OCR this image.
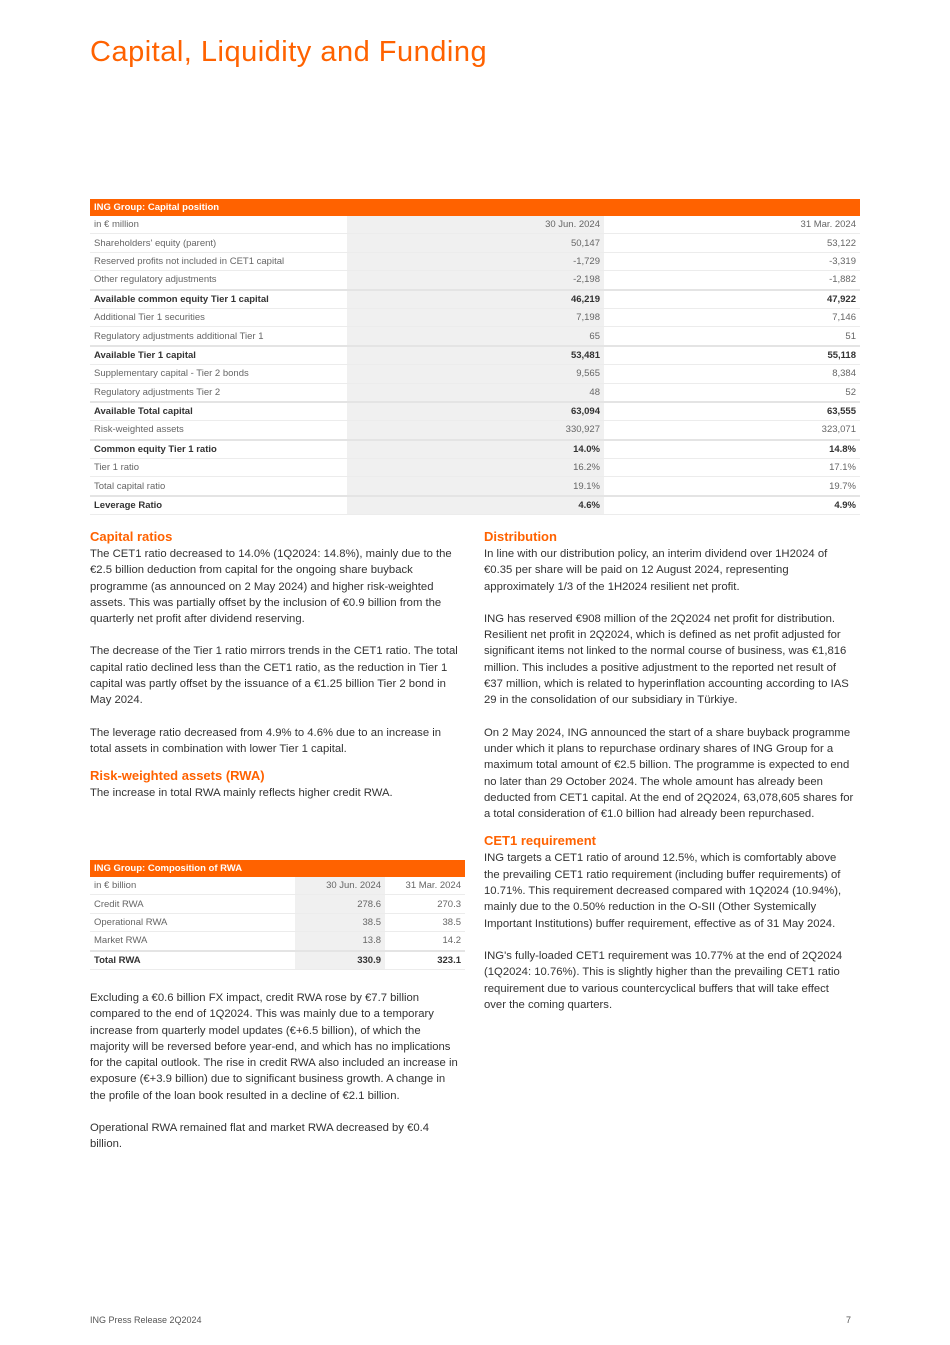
Capital, Liquidity and Funding
ING Group: Capital position		
in € million	30 Jun. 2024	31 Mar. 2024
Shareholders' equity (parent)	50,147	53,122
Reserved profits not included in CET1 capital	-1,729	-3,319
Other regulatory adjustments	-2,198	-1,882
Available common equity Tier 1 capital	46,219	47,922
Additional Tier 1 securities	7,198	7,146
Regulatory adjustments additional Tier 1	65	51
Available Tier 1 capital	53,481	55,118
Supplementary capital - Tier 2 bonds	9,565	8,384
Regulatory adjustments Tier 2	48	52
Available Total capital	63,094	63,555
Risk-weighted assets	330,927	323,071
Common equity Tier 1 ratio	14.0%	14.8%
Tier 1 ratio	16.2%	17.1%
Total capital ratio	19.1%	19.7%
Leverage Ratio	4.6%	4.9%
Capital ratios

The CET1 ratio decreased to 14.0% (1Q2024: 14.8%), mainly due to the €2.5 billion deduction from capital for the ongoing share buyback programme (as announced on 2 May 2024) and higher risk-weighted assets. This was partially offset by the inclusion of €0.9 billion from the quarterly net profit after dividend reserving.

The decrease of the Tier 1 ratio mirrors trends in the CET1 ratio. The total capital ratio declined less than the CET1 ratio, as the reduction in Tier 1 capital was partly offset by the issuance of a €1.25 billion Tier 2 bond in May 2024.

The leverage ratio decreased from 4.9% to 4.6% due to an increase in total assets in combination with lower Tier 1 capital.

Risk-weighted assets (RWA)

The increase in total RWA mainly reflects higher credit RWA.

ING Group: Composition of RWA		
in € billion	30 Jun. 2024	31 Mar. 2024
Credit RWA	278.6	270.3
Operational RWA	38.5	38.5
Market RWA	13.8	14.2
Total RWA	330.9	323.1

Excluding a €0.6 billion FX impact, credit RWA rose by €7.7 billion compared to the end of 1Q2024. This was mainly due to a temporary increase from quarterly model updates (€+6.5 billion), of which the majority will be reversed before year-end, and which has no implications for the capital outlook. The rise in credit RWA also included an increase in exposure (€+3.9 billion) due to significant business growth. A change in the profile of the loan book resulted in a decline of €2.1 billion.

Operational RWA remained flat and market RWA decreased by €0.4 billion.

Distribution

In line with our distribution policy, an interim dividend over 1H2024 of €0.35 per share will be paid on 12 August 2024, representing approximately 1/3 of the 1H2024 resilient net profit.

ING has reserved €908 million of the 2Q2024 net profit for distribution. Resilient net profit in 2Q2024, which is defined as net profit adjusted for significant items not linked to the normal course of business, was €1,816 million. This includes a positive adjustment to the reported net result of €37 million, which is related to hyperinflation accounting according to IAS 29 in the consolidation of our subsidiary in Türkiye.

On 2 May 2024, ING announced the start of a share buyback programme under which it plans to repurchase ordinary shares of ING Group for a maximum total amount of €2.5 billion. The programme is expected to end no later than 29 October 2024. The whole amount has already been deducted from CET1 capital. At the end of 2Q2024, 63,078,605 shares for a total consideration of €1.0 billion had already been repurchased.

CET1 requirement

ING targets a CET1 ratio of around 12.5%, which is comfortably above the prevailing CET1 ratio requirement (including buffer requirements) of 10.71%. This requirement decreased compared with 1Q2024 (10.94%), mainly due to the 0.50% reduction in the O-SII (Other Systemically Important Institutions) buffer requirement, effective as of 31 May 2024.

ING's fully-loaded CET1 requirement was 10.77% at the end of 2Q2024 (1Q2024: 10.76%). This is slightly higher than the prevailing CET1 ratio requirement due to various countercyclical buffers that will take effect over the coming quarters.

ING Press Release 2Q2024	7
